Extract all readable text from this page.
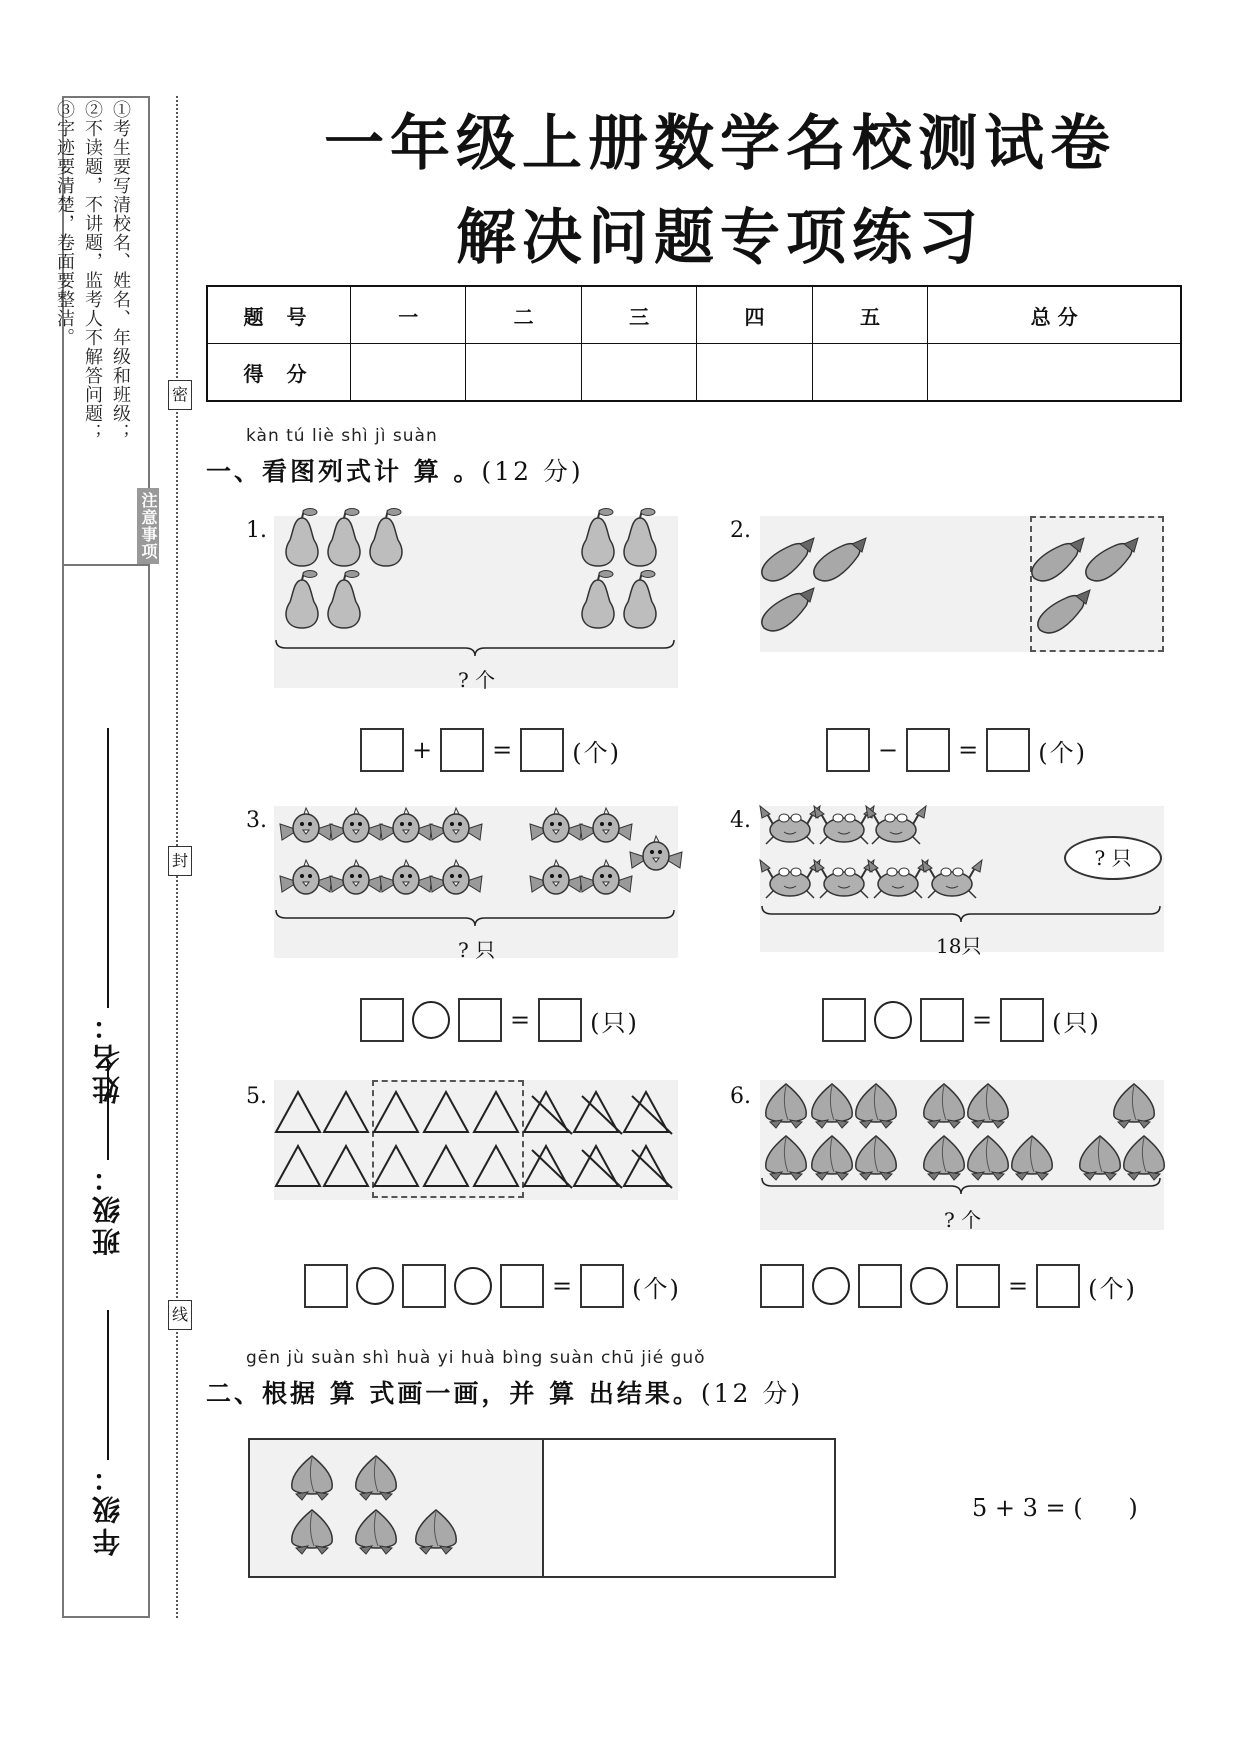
注意事项
①考生要写清校名、姓名、年级和班级；
②不读题，不讲题，监考人不解答问题；
③字迹要清楚，卷面要整洁。
姓名：
班级：
年级：
密
封
线
一年级上册数学名校测试卷
解决问题专项练习
题 号	一	二	三	四	五	总 分
得 分						
kàn tú liè shì jì suàn
一、看图列式计 算 。(12 分)
1.
? 个
+	=	(个)
2.
−	=	(个)
3.
? 只
=	(只)
4.
? 只
18只
=	(只)
5.
=	(个)
6.
? 个
=	(个)
gēn jù suàn shì huà yi huà bìng suàn chū jié guǒ
二、根据 算 式画一画，并 算 出结果。(12 分)
5 + 3 = (      )
